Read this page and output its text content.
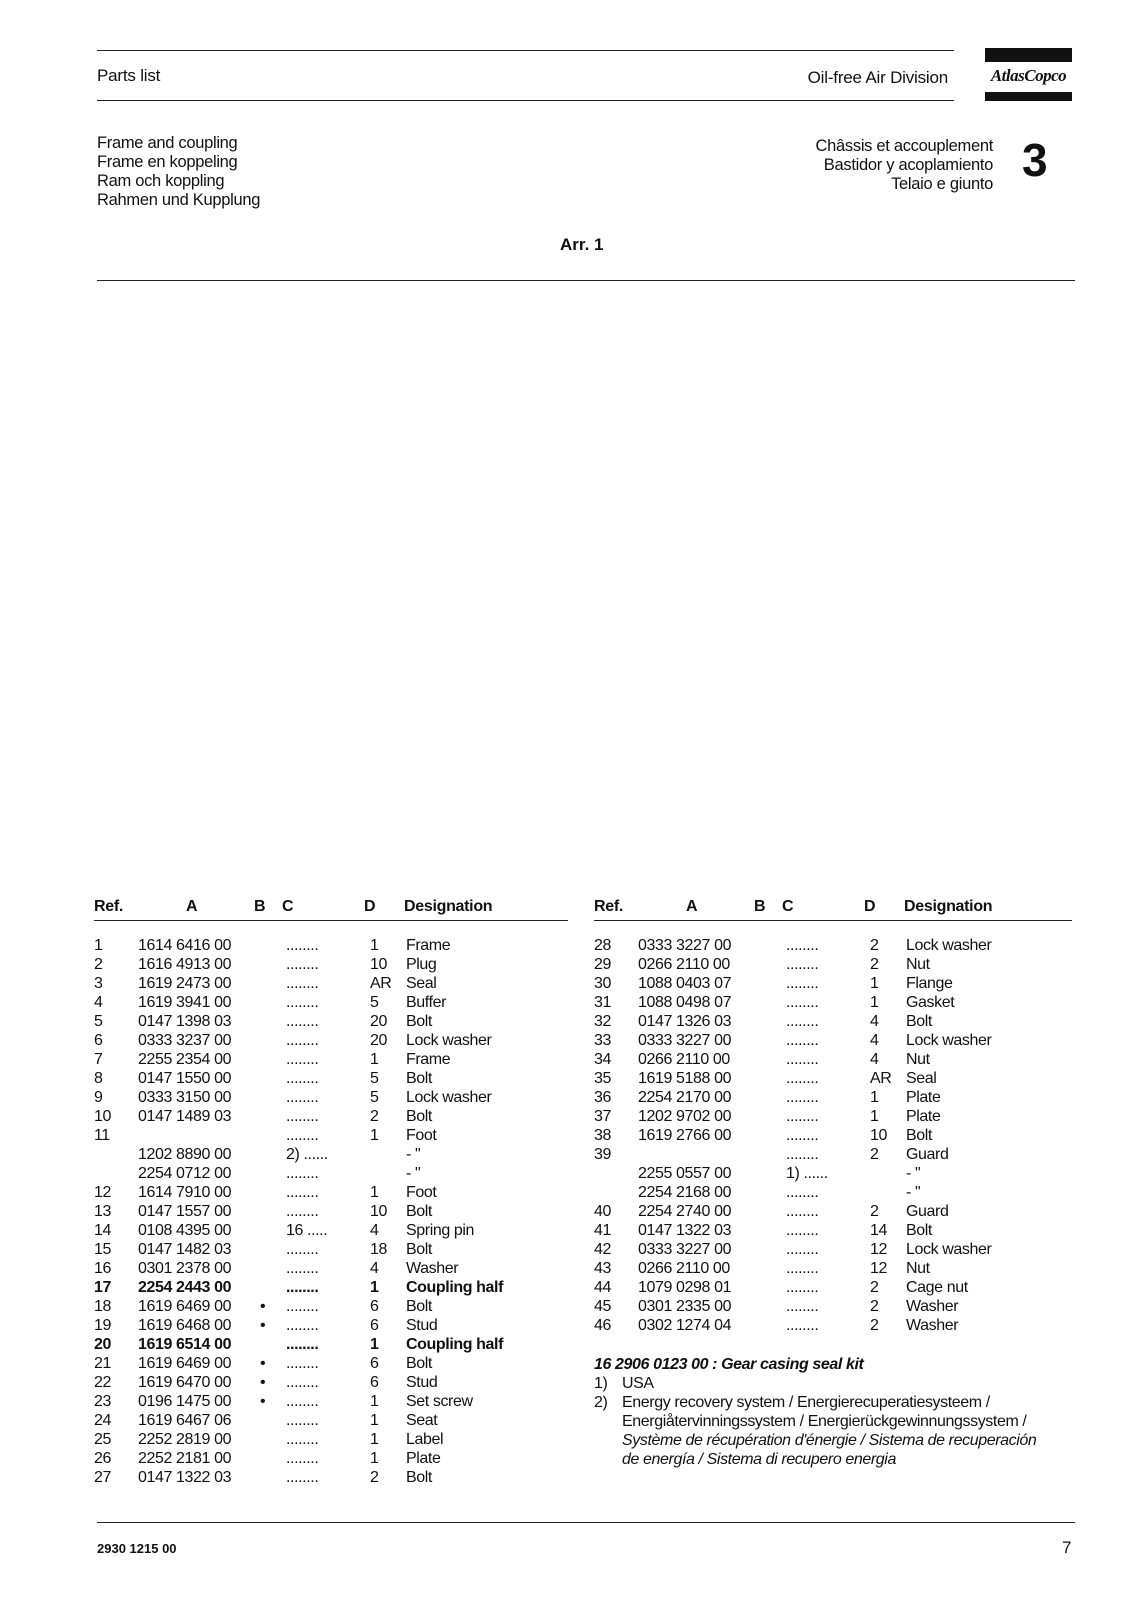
Parts list	Oil-free Air Division	AtlasCopco
Frame and coupling
Frame en koppeling
Ram och koppling
Rahmen und Kupplung
Châssis et accouplement
Bastidor y acoplamiento
Telaio e giunto 3
Arr. 1
Ref.	A	B C	D Designation
1 1614 6416 00	........	1 Frame
2 1616 4913 00	........	10 Plug
3 1619 2473 00	........	AR Seal
4 1619 3941 00	........	5 Buffer
5 0147 1398 03	........	20 Bolt
6 0333 3237 00	........	20 Lock washer
7 2255 2354 00	........	1 Frame
8 0147 1550 00	........	5 Bolt
9 0333 3150 00	........	5 Lock washer
10 0147 1489 03	........	2 Bolt
11	........	1 Foot
1202 8890 00	2) ......	- "
2254 0712 00	........	- "
12 1614 7910 00	........	1 Foot
13 0147 1557 00	........	10 Bolt
14 0108 4395 00	16 .....	4 Spring pin
15 0147 1482 03	........	18 Bolt
16 0301 2378 00	........	4 Washer
17 2254 2443 00	........	1 Coupling half
18 1619 6469 00 • ........	6 Bolt
19 1619 6468 00 • ........	6 Stud
20 1619 6514 00	........	1 Coupling half
21 1619 6469 00 • ........	6 Bolt
22 1619 6470 00 • ........	6 Stud
23 0196 1475 00 • ........	1 Set screw
24 1619 6467 06	........	1 Seat
25 2252 2819 00	........	1 Label
26 2252 2181 00	........	1 Plate
27 0147 1322 03	........	2 Bolt
Ref.	A	B C	D Designation
28 0333 3227 00	........	2 Lock washer
29 0266 2110 00	........	2 Nut
30 1088 0403 07	........	1 Flange
31 1088 0498 07	........	1 Gasket
32 0147 1326 03	........	4 Bolt
33 0333 3227 00	........	4 Lock washer
34 0266 2110 00	........	4 Nut
35 1619 5188 00	........	AR Seal
36 2254 2170 00	........	1 Plate
37 1202 9702 00	........	1 Plate
38 1619 2766 00	........	10 Bolt
39	........	2 Guard
2255 0557 00	1) ......	- "
2254 2168 00	........	- "
40 2254 2740 00	........	2 Guard
41 0147 1322 03	........	14 Bolt
42 0333 3227 00	........	12 Lock washer
43 0266 2110 00	........	12 Nut
44 1079 0298 01	........	2 Cage nut
45 0301 2335 00	........	2 Washer
46 0302 1274 04	........	2 Washer
16 2906 0123 00 : Gear casing seal kit
1) USA
2) Energy recovery system / Energierecuperatiesysteem /
Energiåtervinningssystem / Energierückgewinnungssystem /
Système de récupération d'énergie / Sistema de recuperación
de energía / Sistema di recupero energia
2930 1215 00	7
